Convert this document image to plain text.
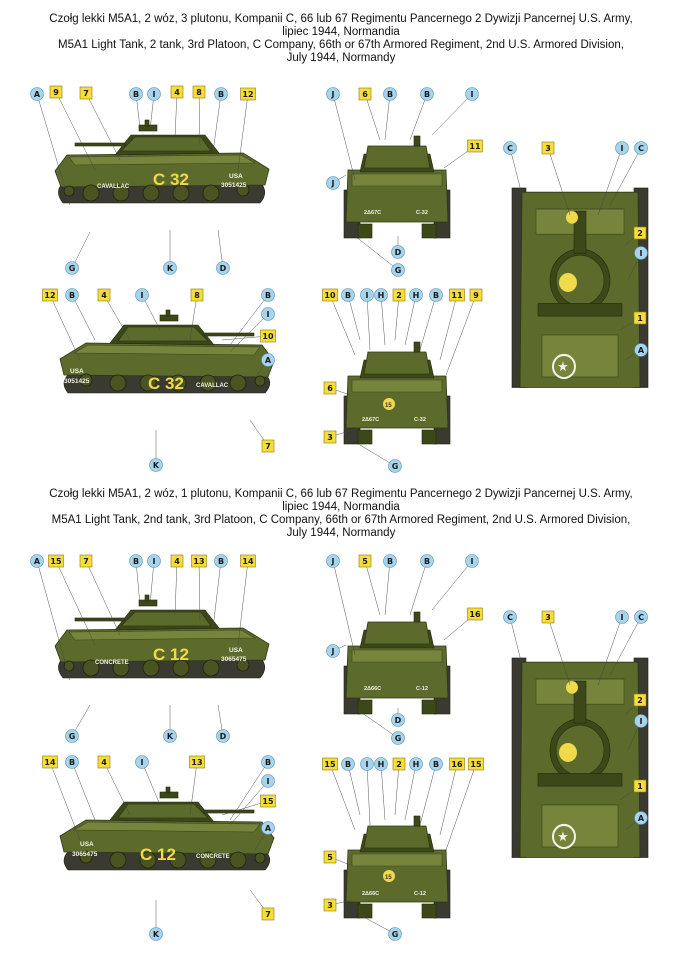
Czołg lekki M5A1, 2 wóz, 3 plutonu, Kompanii C, 66 lub 67 Regimentu Pancernego 2 Dywizji Pancernej U.S. Army,
lipiec 1944, Normandia
M5A1 Light Tank, 2 tank, 3rd Platoon, C Company, 66th or 67th Armored Regiment, 2nd U.S. Armored Division,
July 1944, Normandy
Czołg lekki M5A1, 2 wóz, 1 plutonu, Kompanii C, 66 lub 67 Regimentu Pancernego 2 Dywizji Pancernej U.S. Army,
lipiec 1944, Normandia
M5A1 Light Tank, 2nd tank, 3rd Platoon, C Company, 66th or 67th Armored Regiment, 2nd U.S. Armored Division,
July 1944, Normandy
C 32
CAVALLAC
USA
3051425
C 32 CAVALLAC
USA
3051425
2Δ67C	C-32
15
2Δ67C	C-32
★
C 12
CONCRETE
USA
3065475
C 12	CONCRETE
USA
3065475
2Δ66C	C-12
15
2Δ66C	C-12
★
A 9	7	B I 4 8 B 12
G	K	D
12 B	4	I	8	B
I
10
A
7
K
J	6 B	B	I
J
11
D
G
10 B I H 2 H B 11 9
6
3
G
C	3	I C
2
I
1
A
A 15	7	B I 4 13 B 14
G	K	D
14 B	4	I	13	B
I
15
A
7
K
J	5 B	B	I
J
16
D
G
15 B I H 2 H B 16 15
5
3
G
C	3	I C
2
I
1
A
